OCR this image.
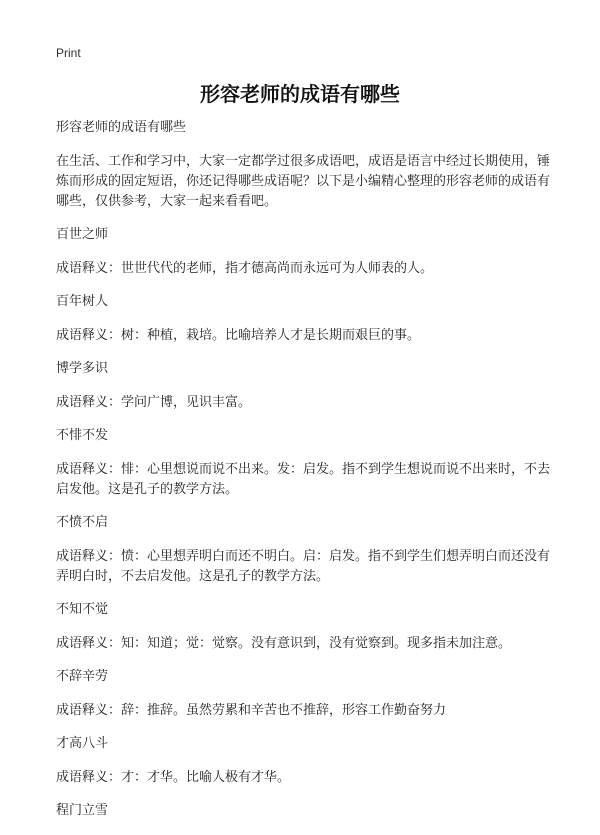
Print
形容老师的成语有哪些

形容老师的成语有哪些

在生活、工作和学习中，大家一定都学过很多成语吧，成语是语言中经过长期使用，锤炼而形成的固定短语，你还记得哪些成语呢？以下是小编精心整理的形容老师的成语有哪些，仅供参考，大家一起来看看吧。

百世之师

成语释义：世世代代的老师，指才德高尚而永远可为人师表的人。

百年树人

成语释义：树：种植，栽培。比喻培养人才是长期而艰巨的事。

博学多识

成语释义：学问广博，见识丰富。

不悱不发

成语释义：悱：心里想说而说不出来。发：启发。指不到学生想说而说不出来时，不去启发他。这是孔子的教学方法。

不愤不启

成语释义：愤：心里想弄明白而还不明白。启：启发。指不到学生们想弄明白而还没有弄明白时，不去启发他。这是孔子的教学方法。

不知不觉

成语释义：知：知道；觉：觉察。没有意识到，没有觉察到。现多指未加注意。

不辞辛劳

成语释义：辞：推辞。虽然劳累和辛苦也不推辞，形容工作勤奋努力

才高八斗

成语释义：才：才华。比喻人极有才华。

程门立雪
